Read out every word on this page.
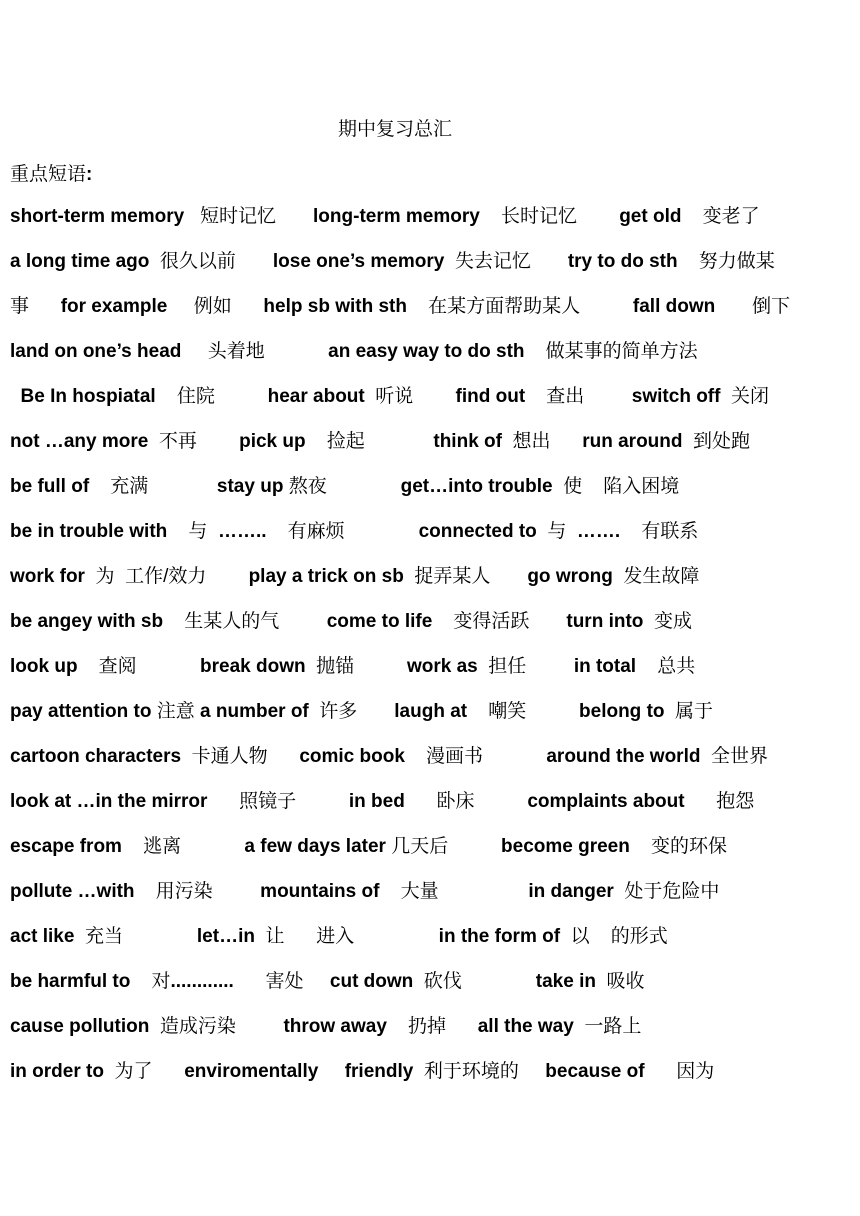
期中复习总汇
重点短语:
short-term memory   短时记忆       long-term memory    长时记忆        get old    变老了
a long time ago  很久以前       lose one’s memory  失去记忆       try to do sth    努力做某
事      for example     例如      help sb with sth    在某方面帮助某人          fall down       倒下
land on one’s head     头着地            an easy way to do sth    做某事的简单方法
Be In hospiatal    住院          hear about  听说        find out    查出         switch off  关闭
not …any more  不再        pick up    捡起             think of  想出      run around  到处跑
be full of    充满             stay up 熬夜              get…into trouble  使    陷入困境
be in trouble with    与  ……..    有麻烦              connected to  与  …….    有联系
work for  为  工作/效力        play a trick on sb  捉弄某人       go wrong  发生故障
be angey with sb    生某人的气         come to life    变得活跃       turn into  变成
look up    查阅            break down  抛锚          work as  担任         in total    总共
pay attention to 注意 a number of  许多       laugh at    嘲笑          belong to  属于
cartoon characters  卡通人物      comic book    漫画书            around the world  全世界
look at …in the mirror      照镜子          in bed      卧床          complaints about      抱怨
escape from    逃离            a few days later 几天后          become green    变的环保
pollute …with    用污染         mountains of    大量                 in danger  处于危险中
act like  充当              let…in  让      进入                in the form of  以    的形式
be harmful to    对............      害处     cut down  砍伐              take in  吸收
cause pollution  造成污染         throw away    扔掉      all the way  一路上
in order to  为了      enviromentally friendly  利于环境的     because of      因为
